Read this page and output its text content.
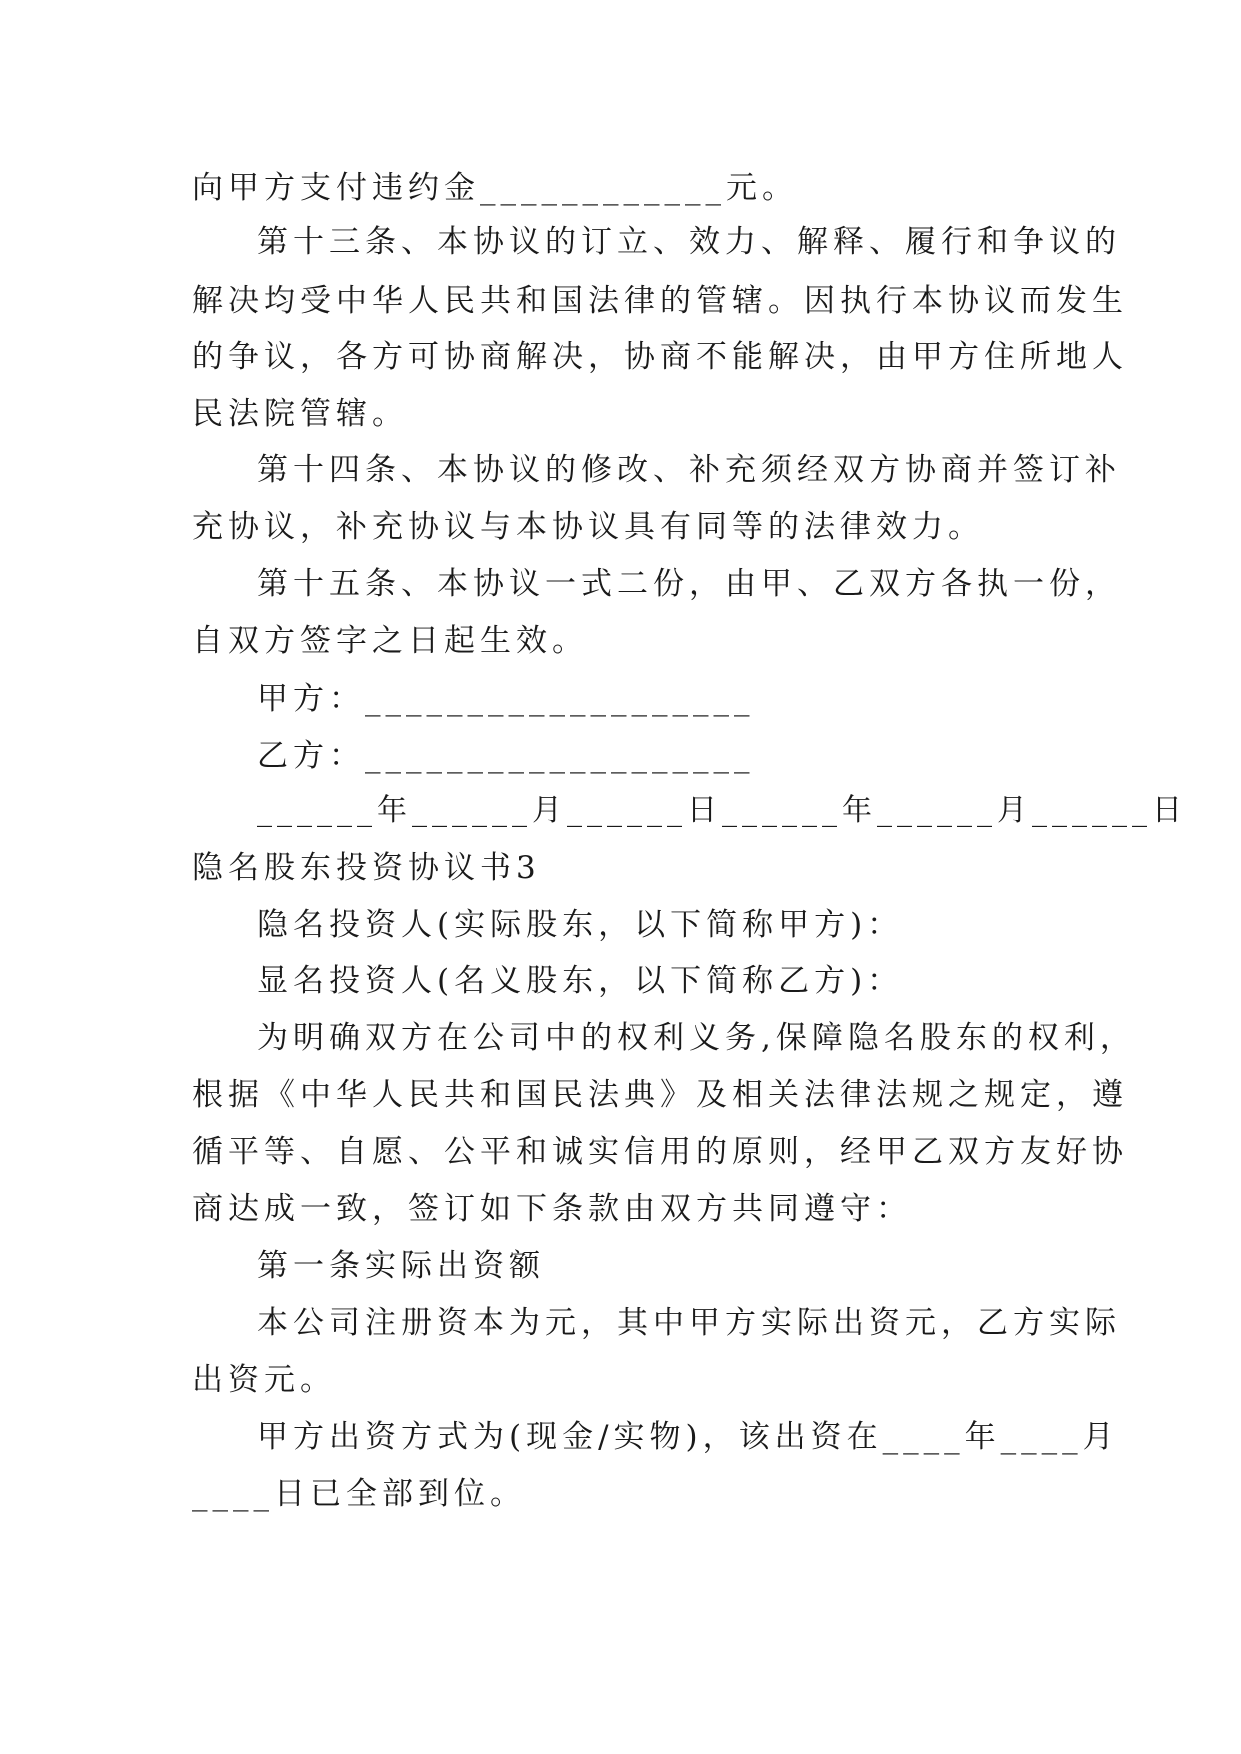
向甲方支付违约金____________元。
第十三条、本协议的订立、效力、解释、履行和争议的
解决均受中华人民共和国法律的管辖。因执行本协议而发生
的争议，各方可协商解决，协商不能解决，由甲方住所地人
民法院管辖。
第十四条、本协议的修改、补充须经双方协商并签订补
充协议，补充协议与本协议具有同等的法律效力。
第十五条、本协议一式二份，由甲、乙双方各执一份，
自双方签字之日起生效。
甲方：___________________
乙方：___________________
______年______月______日______年______月______日
隐名股东投资协议书3
隐名投资人(实际股东，以下简称甲方)：
显名投资人(名义股东，以下简称乙方)：
为明确双方在公司中的权利义务,保障隐名股东的权利，
根据《中华人民共和国民法典》及相关法律法规之规定，遵
循平等、自愿、公平和诚实信用的原则，经甲乙双方友好协
商达成一致，签订如下条款由双方共同遵守：
第一条实际出资额
本公司注册资本为元，其中甲方实际出资元，乙方实际
出资元。
甲方出资方式为(现金/实物)，该出资在____年____月
____日已全部到位。
